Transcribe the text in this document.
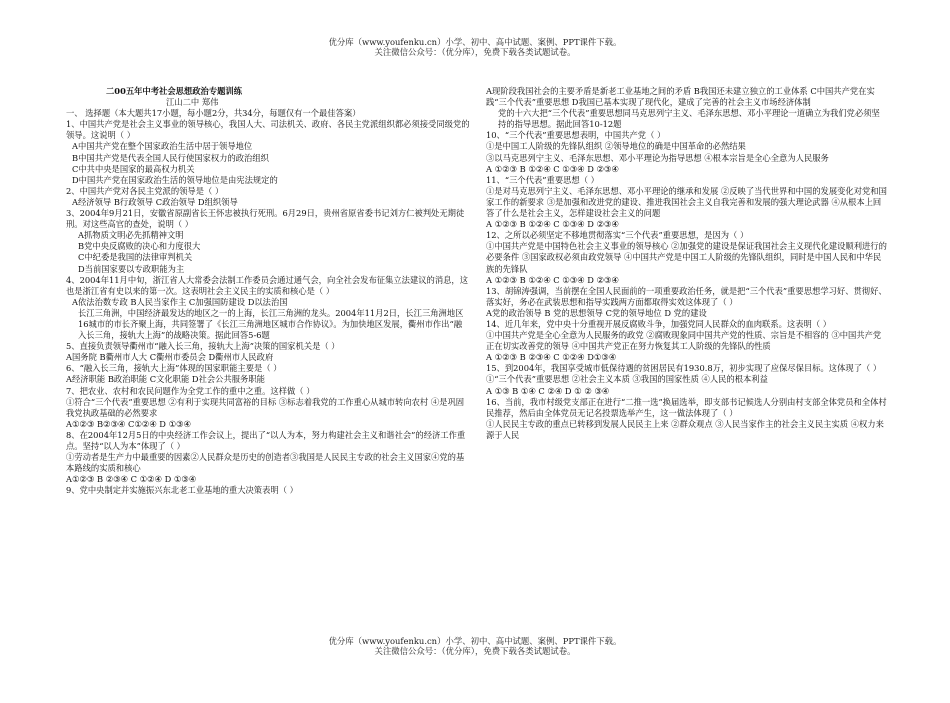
优分库（www.youfenku.cn）小学、初中、高中试题、案例、PPT课件下载。
关注微信公众号：（优分库），免费下载各类试题试卷。

二00五年中考社会思想政治专题训练

江山二中 郑伟

一、 选择题（本大题共17小题，每小题2分，共34分，每题仅有一个最佳答案）

1、中国共产党是社会主义事业的领导核心，我国人大、司法机关、政府、各民主党派组织都必须接受同级党的领导。这说明（ ）

A中国共产党在整个国家政治生活中居于领导地位

B中国共产党是代表全国人民行使国家权力的政治组织

C中共中央是国家的最高权力机关

D中国共产党在国家政治生活的领导地位是由宪法规定的

2、中国共产党对各民主党派的领导是（ ）

A经济领导 B行政领导 C政治领导 D组织领导

3、2004年9月21日，安徽省原副省长王怀忠被执行死刑。6月29日，贵州省原省委书记刘方仁被判处无期徒刑。对这些高官的查处，说明（ ）

A抓物质文明必先抓精神文明

B党中央反腐败的决心和力度很大

C中纪委是我国的法律审判机关

D当前国家要以专政职能为主

4、2004年11月中旬，浙江省人大常委会法制工作委员会通过通气会，向全社会发布征集立法建议的消息，这也是浙江省有史以来的第一次。这表明社会主义民主的实质和核心是（ ）

A依法治数专政 B人民当家作主 C加强国防建设 D以法治国

长江三角洲，中国经济最发达的地区之一的上海，长江三角洲的龙头。2004年11月2日，长江三角洲地区16城市的市长齐聚上海，共同签署了《长江三角洲地区城市合作协议》。为加快地区发展，衢州市作出“融入长三角，接轨大上海”的战略决策。据此回答5-6题

5、直接负责领导衢州市“融入长三角，接轨大上海”决策的国家机关是（ ）

A国务院 B衢州市人大 C衢州市委员会 D衢州市人民政府

6、“融入长三角，接轨大上海”体现的国家职能主要是（ ）

A经济职能 B政治职能 C文化职能 D社会公共服务职能

7、把农业、农村和农民问题作为全党工作的重中之重。这样做（ ）

①符合“三个代表”重要思想 ②有利于实现共同富裕的目标 ③标志着我党的工作重心从城市转向农村 ④是巩固我党执政基础的必然要求

A①②③ B②③④ C①②④ D ①③④

8、在2004年12月5日的中央经济工作会议上，提出了“以人为本，努力构建社会主义和谐社会”的经济工作重点。坚持“以人为本”体现了（ ）

①劳动者是生产力中最重要的因素②人民群众是历史的创造者③我国是人民民主专政的社会主义国家④党的基本路线的实质和核心

A①②③ B ②③④ C ①②④ D ①③④

9、党中央制定并实施振兴东北老工业基地的重大决策表明（ ）

A现阶段我国社会的主要矛盾是新老工业基地之间的矛盾 B我国还未建立独立的工业体系 C中国共产党在实践“三个代表”重要思想 D我国已基本实现了现代化，建成了完善的社会主义市场经济体制

党的十六大把“三个代表”重要思想同马克思列宁主义、毛泽东思想、邓小平理论一道确立为我们党必须坚持的指导思想。据此回答10-12题

10、“三个代表”重要思想表明，中国共产党（ ）

①是中国工人阶级的先锋队组织 ②领导地位的确是中国革命的必然结果

③以马克思列宁主义、毛泽东思想、邓小平理论为指导思想 ④根本宗旨是全心全意为人民服务

A ①②③ B ①②④ C ①③④ D ②③④

11、“三个代表”重要思想（ ）

①是对马克思列宁主义、毛泽东思想、邓小平理论的继承和发展 ②反映了当代世界和中国的发展变化对党和国家工作的新要求 ③是加强和改进党的建设、推进我国社会主义自我完善和发展的强大理论武器 ④从根本上回答了什么是社会主义，怎样建设社会主义的问题

A ①②③ B ①②④ C ①③④ D ②③④

12、之所以必须坚定不移地贯彻落实“三个代表”重要思想，是因为（ ）

①中国共产党是中国特色社会主义事业的领导核心 ②加强党的建设是保证我国社会主义现代化建设顺利进行的必要条件 ③国家政权必须由政党领导 ④中国共产党是中国工人阶级的先锋队组织，同时是中国人民和中华民族的先锋队

A ①②③ B ①②④ C ①③④ D ②③④

13、胡锦涛强调，当前摆在全国人民面前的一项重要政治任务，就是把“三个代表”重要思想学习好、贯彻好、落实好，务必在武装思想和指导实践两方面都取得实效这体现了（ ）

A党的政治领导 B 党的思想领导 C党的领导地位 D 党的建设

14、近几年来，党中央十分重视开展反腐败斗争，加强党同人民群众的血肉联系。这表明（ ）

①中国共产党是全心全意为人民服务的政党 ②腐败现象同中国共产党的性质、宗旨是不相容的 ③中国共产党正在切实改善党的领导 ④中国共产党正在努力恢复其工人阶级的先锋队的性质

A ①②③ B ②③④ C ①②④ D①③④

15、到2004年，我国享受城市低保待遇的贫困居民有1930.8万，初步实现了应保尽保目标。这体现了（ ）

①“三个代表”重要思想 ②社会主义本质 ③我国的国家性质 ④人民的根本利益

A ①③ B ①④ C ②④ D ① ② ③④

16、当前，我市村级党支部正在进行“二推一选”换届选举，即支部书记候选人分别由村支部全体党员和全体村民推荐，然后由全体党员无记名投票选举产生，这一做法体现了（ ）

①人民民主专政的重点已转移到发展人民民主上来 ②群众观点 ③人民当家作主的社会主义民主实质 ④权力来源于人民

优分库（www.youfenku.cn）小学、初中、高中试题、案例、PPT课件下载。
关注微信公众号：（优分库），免费下载各类试题试卷。
